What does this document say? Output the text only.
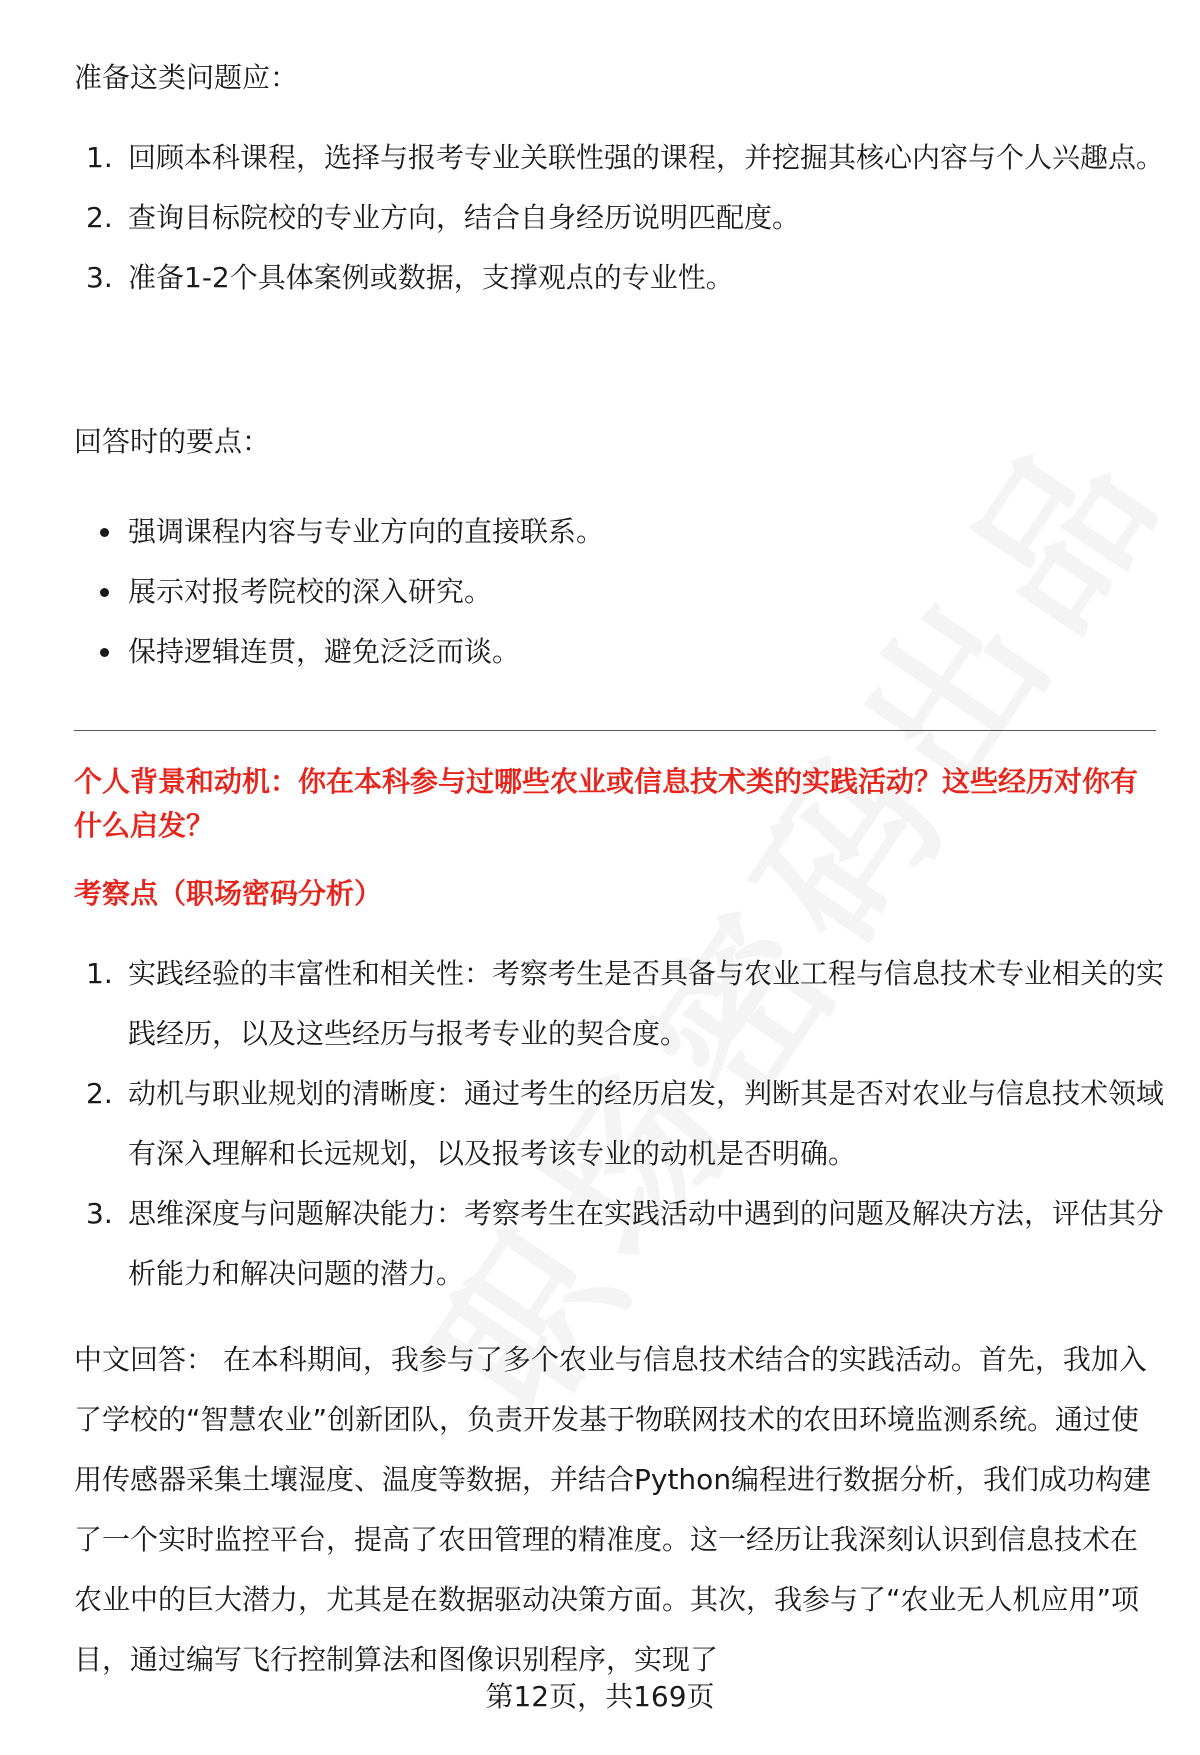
准备这类问题应：

1. 回顾本科课程，选择与报考专业关联性强的课程，并挖掘其核心内容与个人兴趣点。
2. 查询目标院校的专业方向，结合自身经历说明匹配度。
3. 准备1-2个具体案例或数据，支撑观点的专业性。

回答时的要点：

强调课程内容与专业方向的直接联系。
展示对报考院校的深入研究。
保持逻辑连贯，避免泛泛而谈。

个人背景和动机：你在本科参与过哪些农业或信息技术类的实践活动？这些经历对你有什么启发？

考察点（职场密码分析）

1. 实践经验的丰富性和相关性：考察考生是否具备与农业工程与信息技术专业相关的实践经历，以及这些经历与报考专业的契合度。
2. 动机与职业规划的清晰度：通过考生的经历启发，判断其是否对农业与信息技术领域有深入理解和长远规划，以及报考该专业的动机是否明确。
3. 思维深度与问题解决能力：考察考生在实践活动中遇到的问题及解决方法，评估其分析能力和解决问题的潜力。

中文回答： 在本科期间，我参与了多个农业与信息技术结合的实践活动。首先，我加入了学校的“智慧农业”创新团队，负责开发基于物联网技术的农田环境监测系统。通过使用传感器采集土壤湿度、温度等数据，并结合Python编程进行数据分析，我们成功构建了一个实时监控平台，提高了农田管理的精准度。这一经历让我深刻认识到信息技术在农业中的巨大潜力，尤其是在数据驱动决策方面。其次，我参与了“农业无人机应用”项目，通过编写飞行控制算法和图像识别程序，实现了

第12页，共169页
